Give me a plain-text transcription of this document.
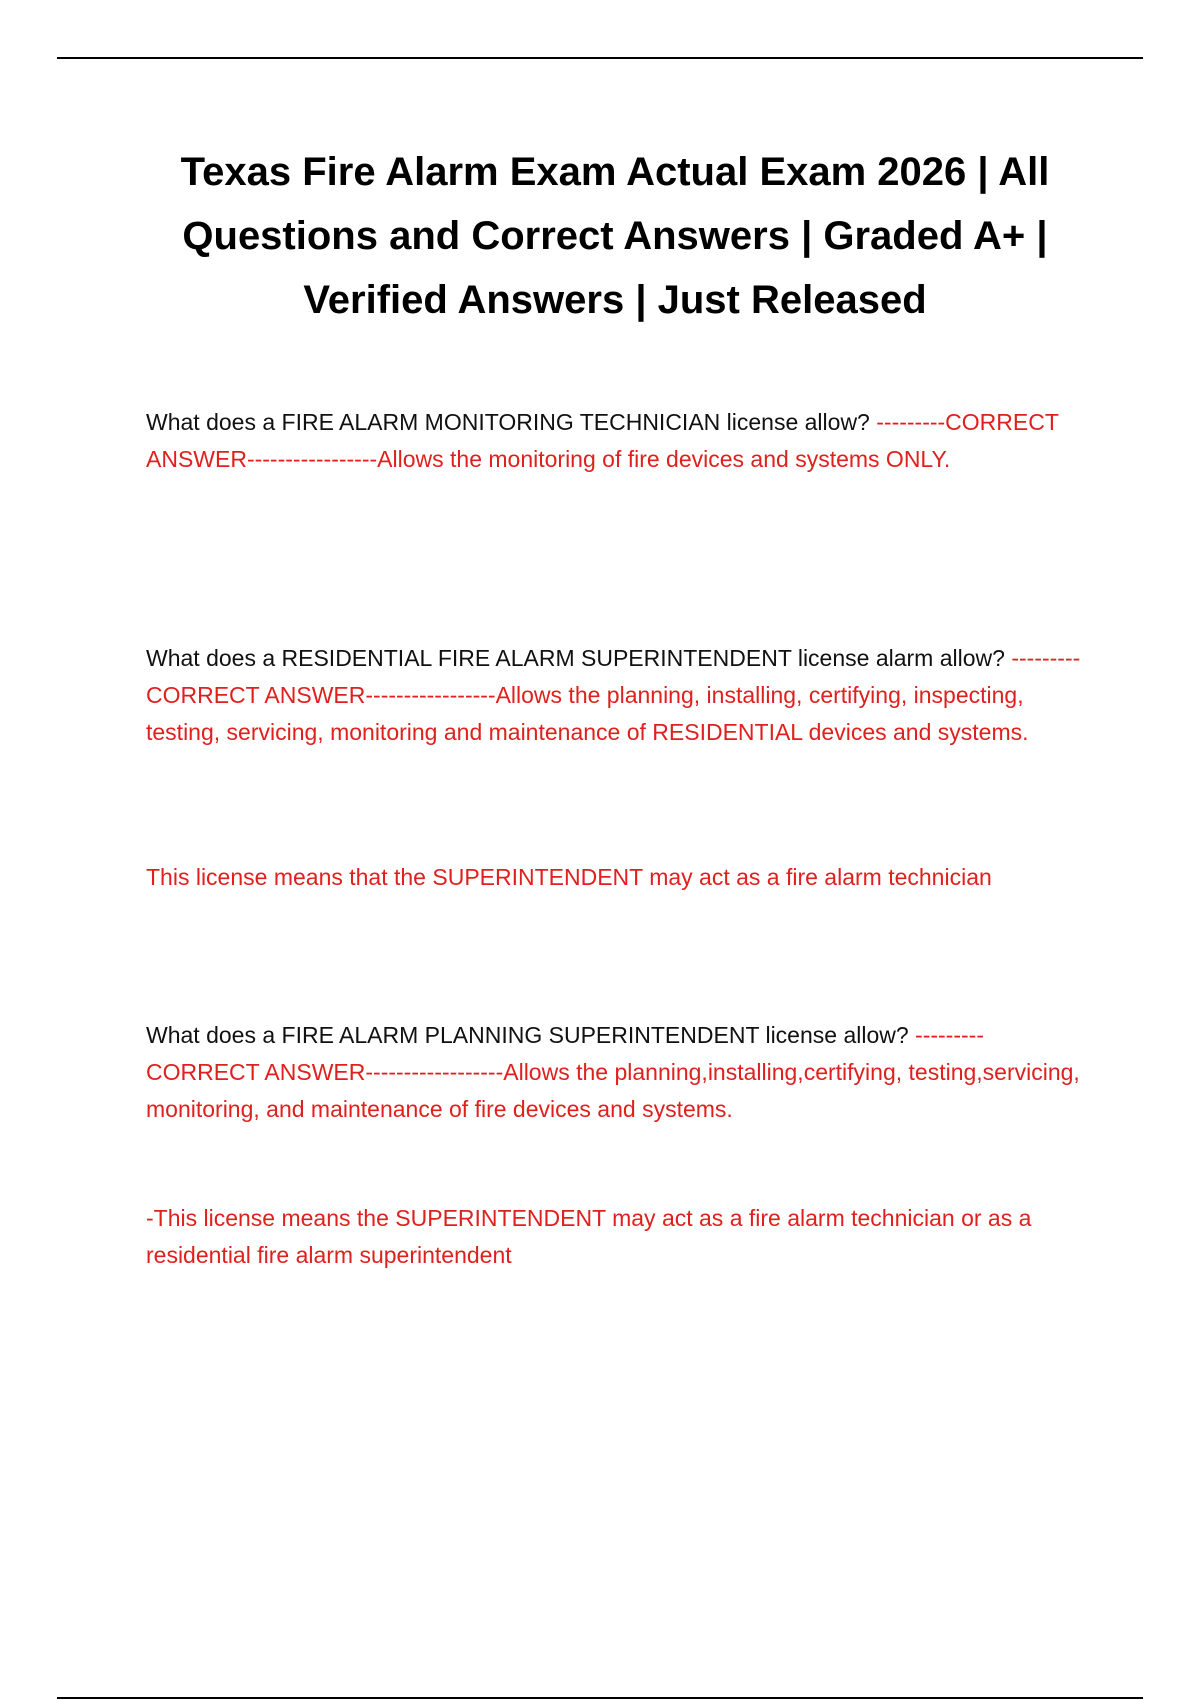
Texas Fire Alarm Exam Actual Exam 2026 | All Questions and Correct Answers | Graded A+ | Verified Answers | Just Released

What does a FIRE ALARM MONITORING TECHNICIAN license allow? ---------CORRECT ANSWER-----------------Allows the monitoring of fire devices and systems ONLY.

What does a RESIDENTIAL FIRE ALARM SUPERINTENDENT license alarm allow? ---------CORRECT ANSWER-----------------Allows the planning, installing, certifying, inspecting, testing, servicing, monitoring and maintenance of RESIDENTIAL devices and systems.

This license means that the SUPERINTENDENT may act as a fire alarm technician

What does a FIRE ALARM PLANNING SUPERINTENDENT license allow? ---------CORRECT ANSWER------------------Allows the planning,installing,certifying, testing,servicing, monitoring, and maintenance of fire devices and systems.

-This license means the SUPERINTENDENT may act as a fire alarm technician or as a residential fire alarm superintendent
